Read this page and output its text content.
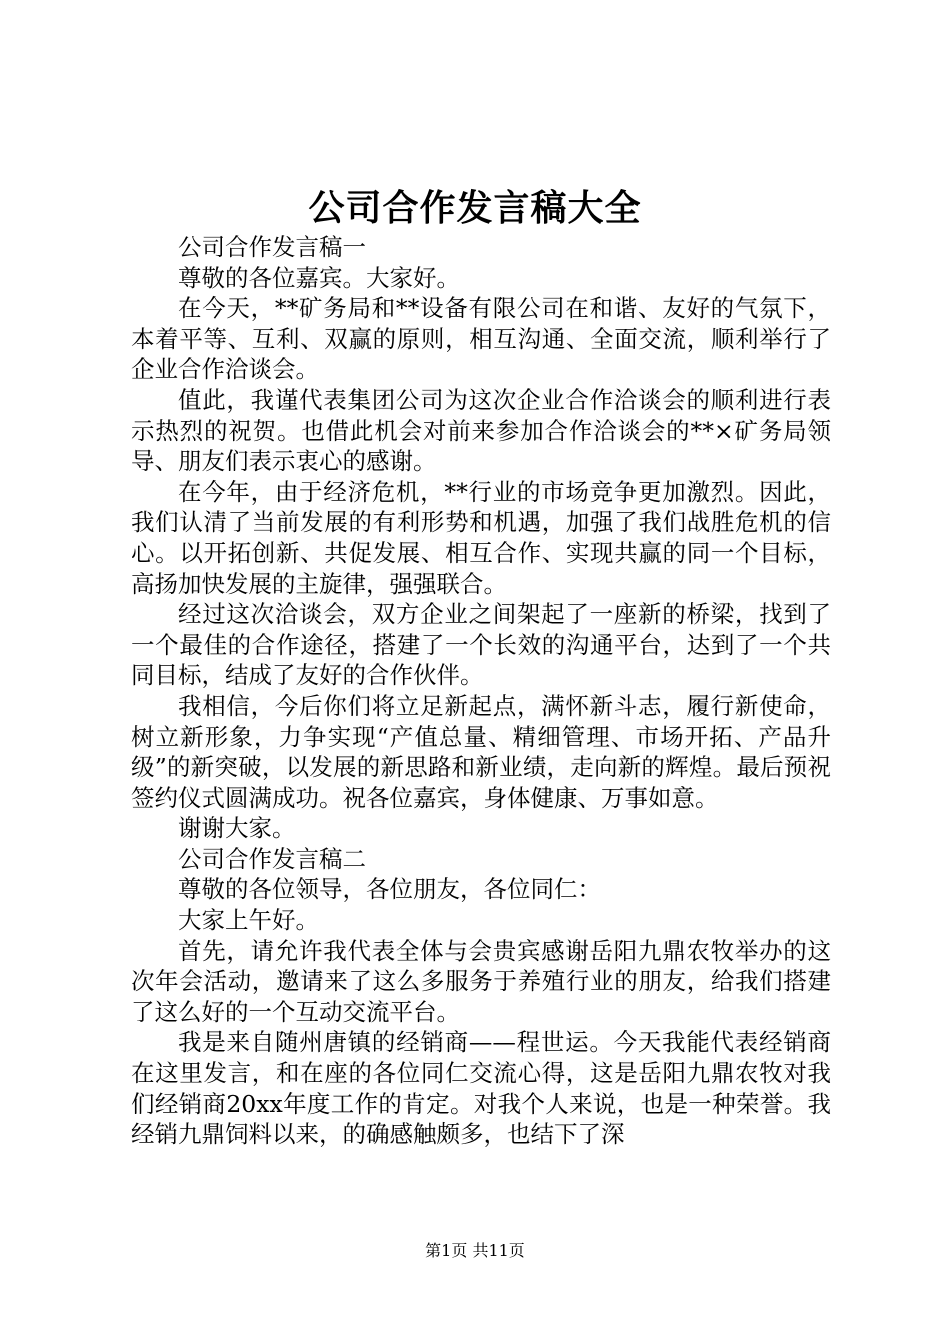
公司合作发言稿大全

公司合作发言稿一

尊敬的各位嘉宾。大家好。

在今天，**矿务局和**设备有限公司在和谐、友好的气氛下，本着平等、互利、双赢的原则，相互沟通、全面交流，顺利举行了企业合作洽谈会。

值此，我谨代表集团公司为这次企业合作洽谈会的顺利进行表示热烈的祝贺。也借此机会对前来参加合作洽谈会的**×矿务局领导、朋友们表示衷心的感谢。

在今年，由于经济危机，**行业的市场竞争更加激烈。因此，我们认清了当前发展的有利形势和机遇，加强了我们战胜危机的信心。以开拓创新、共促发展、相互合作、实现共赢的同一个目标，高扬加快发展的主旋律，强强联合。

经过这次洽谈会，双方企业之间架起了一座新的桥梁，找到了一个最佳的合作途径，搭建了一个长效的沟通平台，达到了一个共同目标，结成了友好的合作伙伴。

我相信，今后你们将立足新起点，满怀新斗志，履行新使命，树立新形象，力争实现“产值总量、精细管理、市场开拓、产品升级”的新突破，以发展的新思路和新业绩，走向新的辉煌。最后预祝签约仪式圆满成功。祝各位嘉宾，身体健康、万事如意。

谢谢大家。

公司合作发言稿二

尊敬的各位领导，各位朋友，各位同仁：

大家上午好。

首先，请允许我代表全体与会贵宾感谢岳阳九鼎农牧举办的这次年会活动，邀请来了这么多服务于养殖行业的朋友，给我们搭建了这么好的一个互动交流平台。

我是来自随州唐镇的经销商——程世运。今天我能代表经销商在这里发言，和在座的各位同仁交流心得，这是岳阳九鼎农牧对我们经销商20xx年度工作的肯定。对我个人来说，也是一种荣誉。我经销九鼎饲料以来，的确感触颇多，也结下了深

第1页 共11页
